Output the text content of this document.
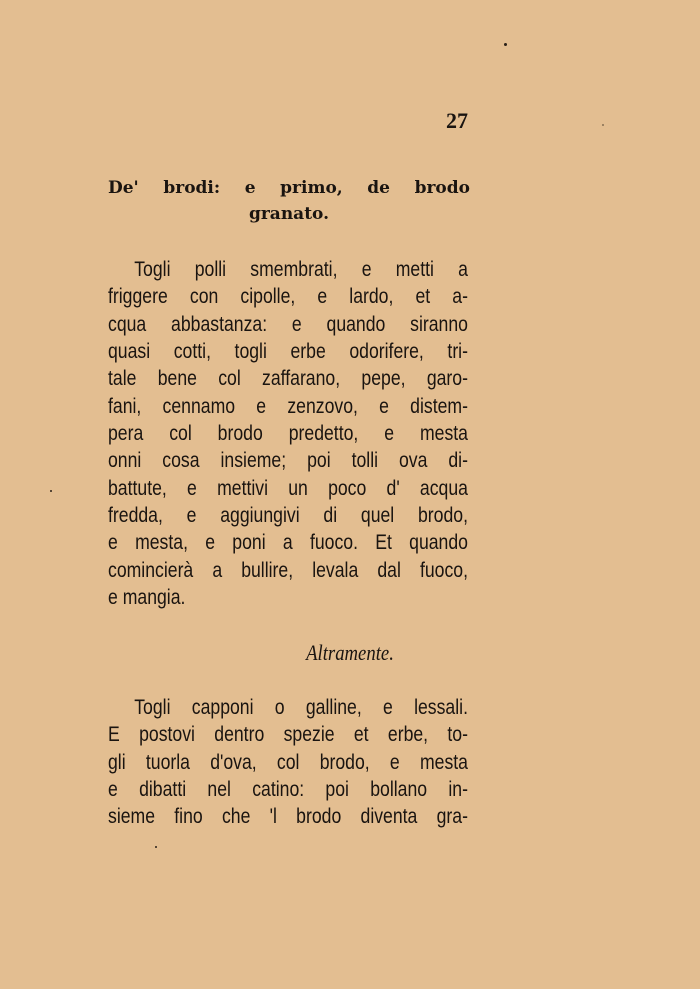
27
De' brodi: e primo, de brodo
granato.
Togli polli smembrati, e metti a
friggere con cipolle, e lardo, et a-
cqua abbastanza: e quando siranno
quasi cotti, togli erbe odorifere, tri-
tale bene col zaffarano, pepe, garo-
fani, cennamo e zenzovo, e distem-
pera col brodo predetto, e mesta
onni cosa insieme; poi tolli ova di-
battute, e mettivi un poco d' acqua
fredda, e aggiungivi di quel brodo,
e mesta, e poni a fuoco. Et quando
comincierà a bullire, levala dal fuoco,
e mangia.
Altramente.
Togli capponi o galline, e lessali.
E postovi dentro spezie et erbe, to-
gli tuorla d'ova, col brodo, e mesta
e dibatti nel catino: poi bollano in-
sieme fino che 'l brodo diventa gra-
